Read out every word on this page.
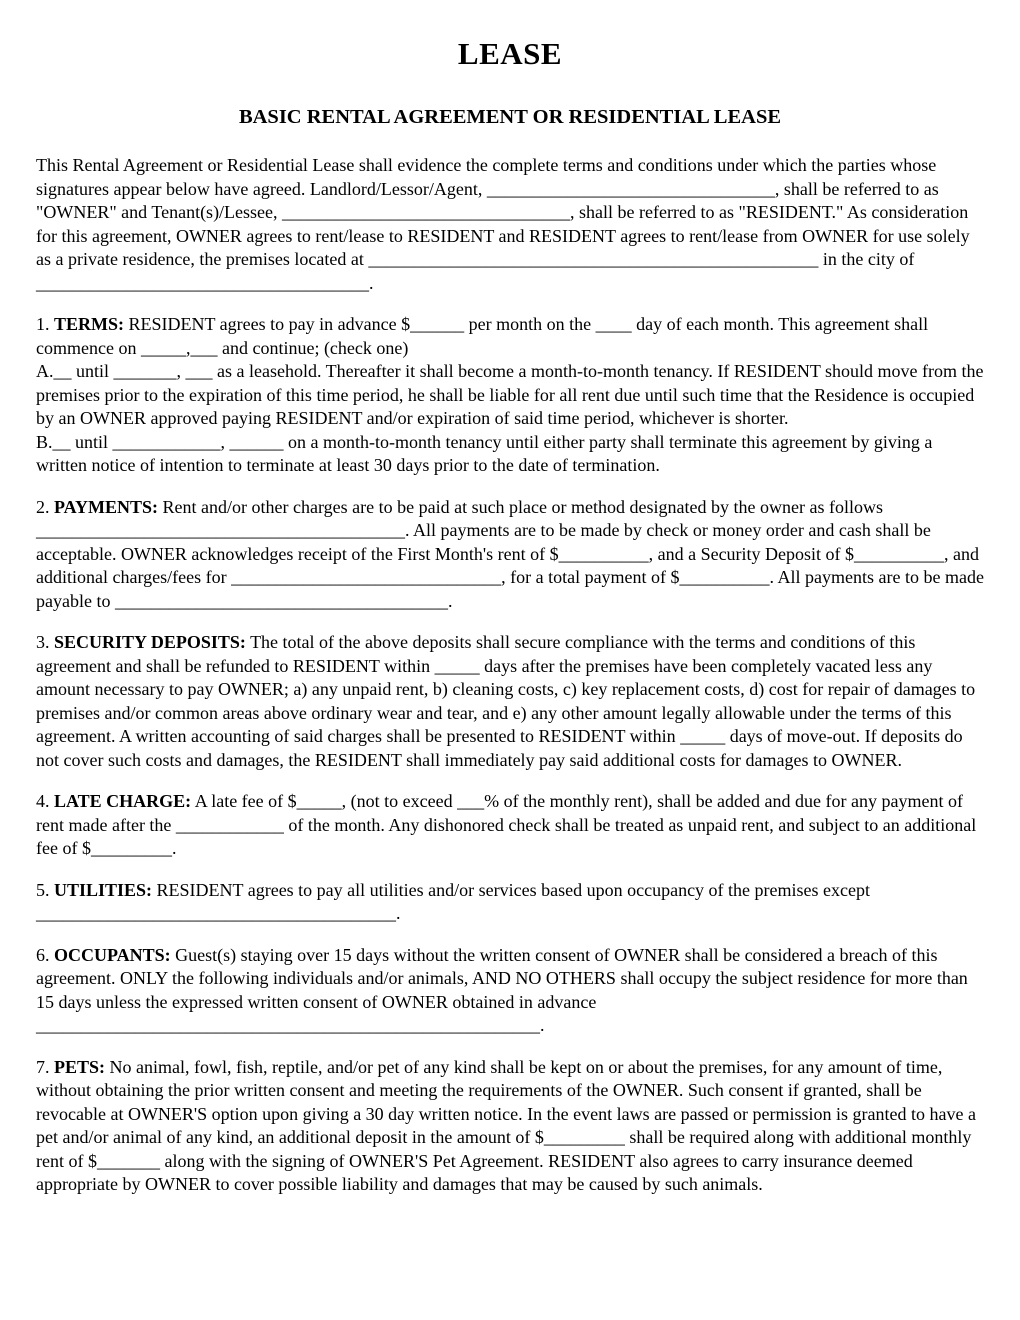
LEASE
BASIC RENTAL AGREEMENT OR RESIDENTIAL LEASE

This Rental Agreement or Residential Lease shall evidence the complete terms and conditions under which the parties whose signatures appear below have agreed. Landlord/Lessor/Agent, ________________________________, shall be referred to as "OWNER" and Tenant(s)/Lessee, ________________________________, shall be referred to as "RESIDENT." As consideration for this agreement, OWNER agrees to rent/lease to RESIDENT and RESIDENT agrees to rent/lease from OWNER for use solely as a private residence, the premises located at __________________________________________________ in the city of _____________________________________.

1. TERMS: RESIDENT agrees to pay in advance $______ per month on the ____ day of each month. This agreement shall commence on _____,___ and continue; (check one)
A.__ until _______, ___ as a leasehold. Thereafter it shall become a month-to-month tenancy. If RESIDENT should move from the premises prior to the expiration of this time period, he shall be liable for all rent due until such time that the Residence is occupied by an OWNER approved paying RESIDENT and/or expiration of said time period, whichever is shorter.
B.__ until ____________, ______ on a month-to-month tenancy until either party shall terminate this agreement by giving a written notice of intention to terminate at least 30 days prior to the date of termination.

2. PAYMENTS: Rent and/or other charges are to be paid at such place or method designated by the owner as follows _________________________________________. All payments are to be made by check or money order and cash shall be acceptable. OWNER acknowledges receipt of the First Month's rent of $__________, and a Security Deposit of $__________, and additional charges/fees for ______________________________, for a total payment of $__________. All payments are to be made payable to _____________________________________.

3. SECURITY DEPOSITS: The total of the above deposits shall secure compliance with the terms and conditions of this agreement and shall be refunded to RESIDENT within _____ days after the premises have been completely vacated less any amount necessary to pay OWNER; a) any unpaid rent, b) cleaning costs, c) key replacement costs, d) cost for repair of damages to premises and/or common areas above ordinary wear and tear, and e) any other amount legally allowable under the terms of this agreement. A written accounting of said charges shall be presented to RESIDENT within _____ days of move-out. If deposits do not cover such costs and damages, the RESIDENT shall immediately pay said additional costs for damages to OWNER.

4. LATE CHARGE: A late fee of $_____, (not to exceed ___% of the monthly rent), shall be added and due for any payment of rent made after the ____________ of the month. Any dishonored check shall be treated as unpaid rent, and subject to an additional fee of $_________.

5. UTILITIES: RESIDENT agrees to pay all utilities and/or services based upon occupancy of the premises except ________________________________________.

6. OCCUPANTS: Guest(s) staying over 15 days without the written consent of OWNER shall be considered a breach of this agreement. ONLY the following individuals and/or animals, AND NO OTHERS shall occupy the subject residence for more than 15 days unless the expressed written consent of OWNER obtained in advance ________________________________________________________.

7. PETS: No animal, fowl, fish, reptile, and/or pet of any kind shall be kept on or about the premises, for any amount of time, without obtaining the prior written consent and meeting the requirements of the OWNER. Such consent if granted, shall be revocable at OWNER'S option upon giving a 30 day written notice. In the event laws are passed or permission is granted to have a pet and/or animal of any kind, an additional deposit in the amount of $_________ shall be required along with additional monthly rent of $_______ along with the signing of OWNER'S Pet Agreement. RESIDENT also agrees to carry insurance deemed appropriate by OWNER to cover possible liability and damages that may be caused by such animals.
